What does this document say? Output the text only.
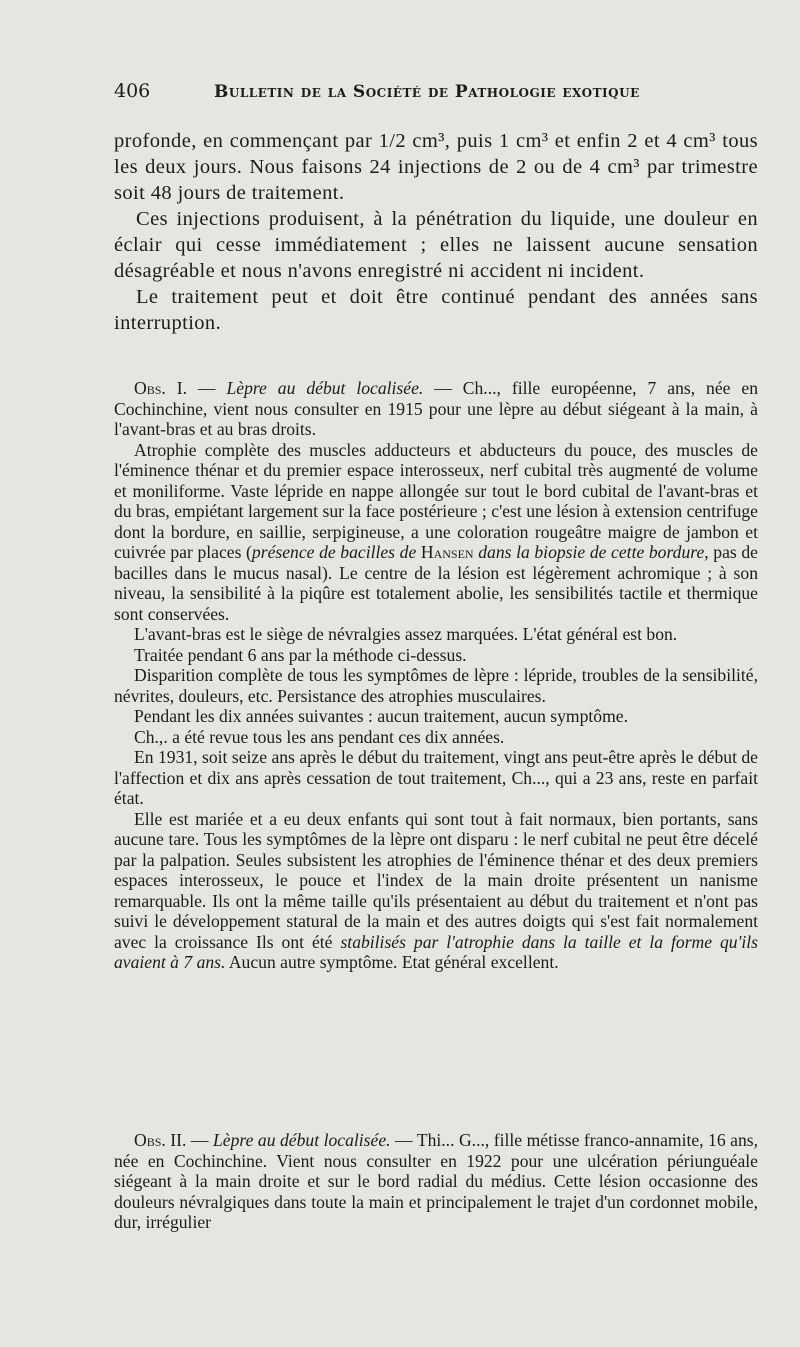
406	Bulletin de la Société de Pathologie exotique

profonde, en commençant par 1/2 cm³, puis 1 cm³ et enfin 2 et 4 cm³ tous les deux jours. Nous faisons 24 injections de 2 ou de 4 cm³ par trimestre soit 48 jours de traitement.

Ces injections produisent, à la pénétration du liquide, une douleur en éclair qui cesse immédiatement ; elles ne laissent aucune sensation désagréable et nous n'avons enregistré ni accident ni incident.

Le traitement peut et doit être continué pendant des années sans interruption.

Obs. I. — Lèpre au début localisée. — Ch..., fille européenne, 7 ans, née en Cochinchine, vient nous consulter en 1915 pour une lèpre au début siégeant à la main, à l'avant-bras et au bras droits.

Atrophie complète des muscles adducteurs et abducteurs du pouce, des muscles de l'éminence thénar et du premier espace interosseux, nerf cubital très augmenté de volume et moniliforme. Vaste lépride en nappe allongée sur tout le bord cubital de l'avant-bras et du bras, empiétant largement sur la face postérieure ; c'est une lésion à extension centrifuge dont la bordure, en saillie, serpigineuse, a une coloration rougeâtre maigre de jambon et cuivrée par places (présence de bacilles de Hansen dans la biopsie de cette bordure, pas de bacilles dans le mucus nasal). Le centre de la lésion est légèrement achromique ; à son niveau, la sensibilité à la piqûre est totalement abolie, les sensibilités tactile et thermique sont conservées.

L'avant-bras est le siège de névralgies assez marquées. L'état général est bon.

Traitée pendant 6 ans par la méthode ci-dessus.

Disparition complète de tous les symptômes de lèpre : lépride, troubles de la sensibilité, névrites, douleurs, etc. Persistance des atrophies musculaires.

Pendant les dix années suivantes : aucun traitement, aucun symptôme.

Ch.,. a été revue tous les ans pendant ces dix années.

En 1931, soit seize ans après le début du traitement, vingt ans peut-être après le début de l'affection et dix ans après cessation de tout traitement, Ch..., qui a 23 ans, reste en parfait état.

Elle est mariée et a eu deux enfants qui sont tout à fait normaux, bien portants, sans aucune tare. Tous les symptômes de la lèpre ont disparu : le nerf cubital ne peut être décelé par la palpation. Seules subsistent les atrophies de l'éminence thénar et des deux premiers espaces interosseux, le pouce et l'index de la main droite présentent un nanisme remarquable. Ils ont la même taille qu'ils présentaient au début du traitement et n'ont pas suivi le développement statural de la main et des autres doigts qui s'est fait normalement avec la croissance Ils ont été stabilisés par l'atrophie dans la taille et la forme qu'ils avaient à 7 ans. Aucun autre symptôme. Etat général excellent.

Obs. II. — Lèpre au début localisée. — Thi... G..., fille métisse franco-annamite, 16 ans, née en Cochinchine. Vient nous consulter en 1922 pour une ulcération périunguéale siégeant à la main droite et sur le bord radial du médius. Cette lésion occasionne des douleurs névralgiques dans toute la main et principalement le trajet d'un cordonnet mobile, dur, irrégulier
